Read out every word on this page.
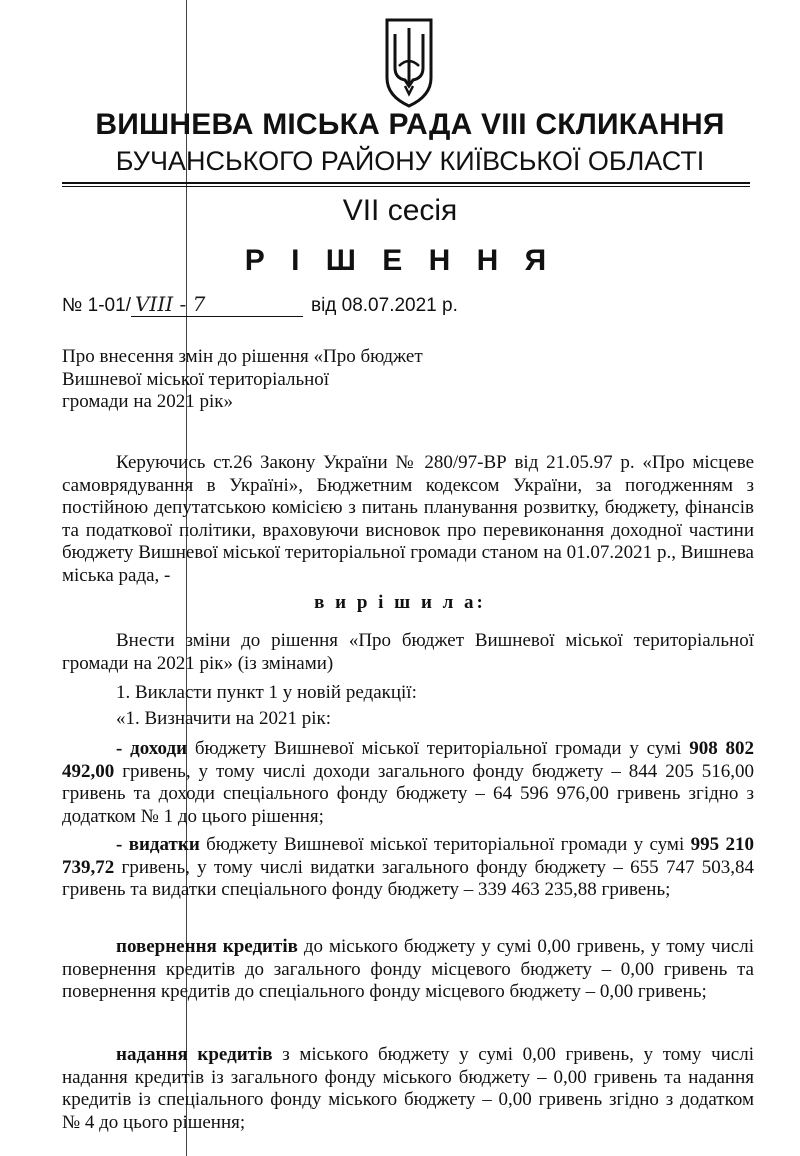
ВИШНЕВА МІСЬКА РАДА VIII СКЛИКАННЯ
БУЧАНСЬКОГО РАЙОНУ КИЇВСЬКОЇ ОБЛАСТІ
VII сесія
Р І Ш Е Н Н Я
№ 1-01/ VIII - 7	від 08.07.2021 р.
Про внесення змін до рішення «Про бюджет
Вишневої міської територіальної
громади на 2021 рік»

Керуючись ст.26 Закону України № 280/97-ВР від 21.05.97 р. «Про місцеве самоврядування в Україні», Бюджетним кодексом України, за погодженням з постійною депутатською комісією з питань планування розвитку, бюджету, фінансів та податкової політики, враховуючи висновок про перевиконання доходної частини бюджету Вишневої міської територіальної громади станом на 01.07.2021 р., Вишнева міська рада, -

в и р і ш и л а:

Внести зміни до рішення «Про бюджет Вишневої міської територіальної громади на 2021 рік» (із змінами)

1. Викласти пункт 1 у новій редакції:

«1. Визначити на 2021 рік:

- доходи бюджету Вишневої міської територіальної громади у сумі 908 802 492,00 гривень, у тому числі доходи загального фонду бюджету – 844 205 516,00 гривень та доходи спеціального фонду бюджету – 64 596 976,00 гривень згідно з додатком № 1 до цього рішення;

- видатки бюджету Вишневої міської територіальної громади у сумі 995 210 739,72 гривень, у тому числі видатки загального фонду бюджету – 655 747 503,84 гривень та видатки спеціального фонду бюджету – 339 463 235,88 гривень;

повернення кредитів до міського бюджету у сумі 0,00 гривень, у тому числі повернення кредитів до загального фонду місцевого бюджету – 0,00 гривень та повернення кредитів до спеціального фонду місцевого бюджету – 0,00 гривень;

надання кредитів з міського бюджету у сумі 0,00 гривень, у тому числі надання кредитів із загального фонду міського бюджету – 0,00 гривень та надання кредитів із спеціального фонду міського бюджету – 0,00 гривень згідно з додатком № 4 до цього рішення;
